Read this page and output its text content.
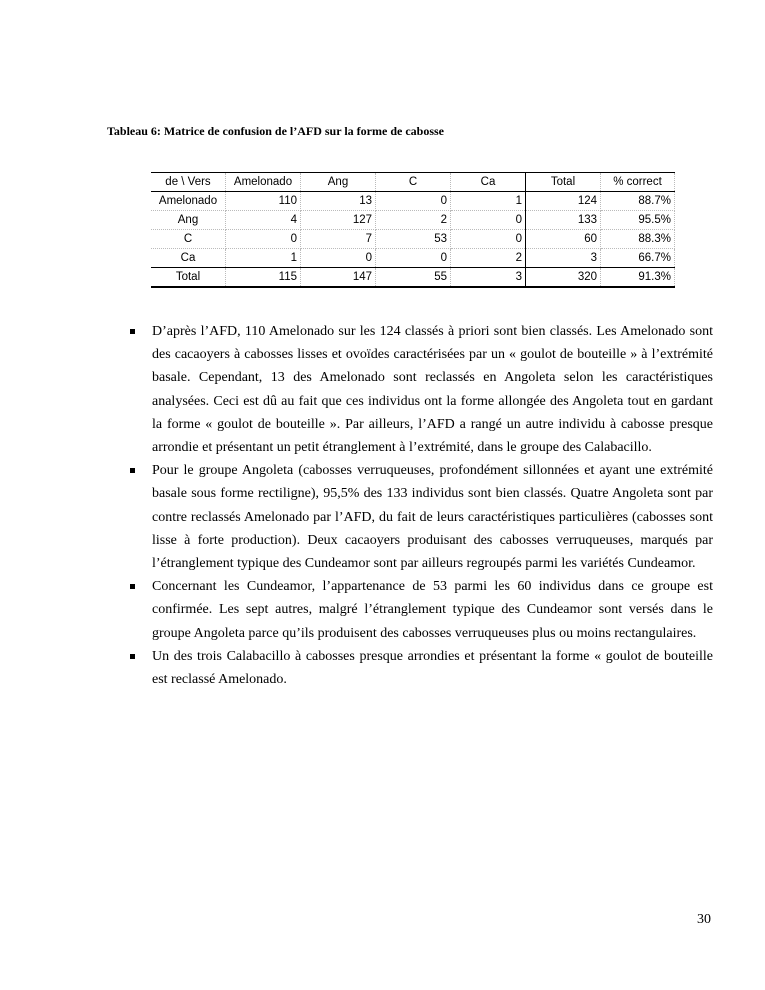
Tableau 6: Matrice de confusion de l’AFD sur la forme de cabosse
de \ Vers	Amelonado	Ang	C	Ca	Total	% correct
Amelonado	110	13	0	1	124	88.7%
Ang	4	127	2	0	133	95.5%
C	0	7	53	0	60	88.3%
Ca	1	0	0	2	3	66.7%
Total	115	147	55	3	320	91.3%
D’après l’AFD, 110 Amelonado sur les 124 classés à priori sont bien classés. Les Amelonado sont des cacaoyers à cabosses lisses et ovoïdes caractérisées par un « goulot de bouteille » à l’extrémité basale. Cependant, 13 des Amelonado sont reclassés en Angoleta selon les caractéristiques analysées. Ceci est dû au fait que ces individus ont la forme allongée des Angoleta tout en gardant la forme « goulot de bouteille ». Par ailleurs, l’AFD a rangé un autre individu à cabosse presque arrondie et présentant un petit étranglement à l’extrémité, dans le groupe des Calabacillo.
Pour le groupe Angoleta (cabosses verruqueuses, profondément sillonnées et ayant une extrémité basale sous forme rectiligne), 95,5% des 133 individus sont bien classés. Quatre Angoleta sont par contre reclassés Amelonado par l’AFD, du fait de leurs caractéristiques particulières (cabosses sont lisse à forte production). Deux cacaoyers produisant des cabosses verruqueuses, marqués par l’étranglement typique des Cundeamor sont par ailleurs regroupés parmi les variétés Cundeamor.
Concernant les Cundeamor, l’appartenance de 53 parmi les 60 individus dans ce groupe est confirmée. Les sept autres, malgré l’étranglement typique des Cundeamor sont versés dans le groupe Angoleta parce qu’ils produisent des cabosses verruqueuses plus ou moins rectangulaires.
Un des trois Calabacillo à cabosses presque arrondies et présentant la forme « goulot de bouteille est reclassé Amelonado.
30
